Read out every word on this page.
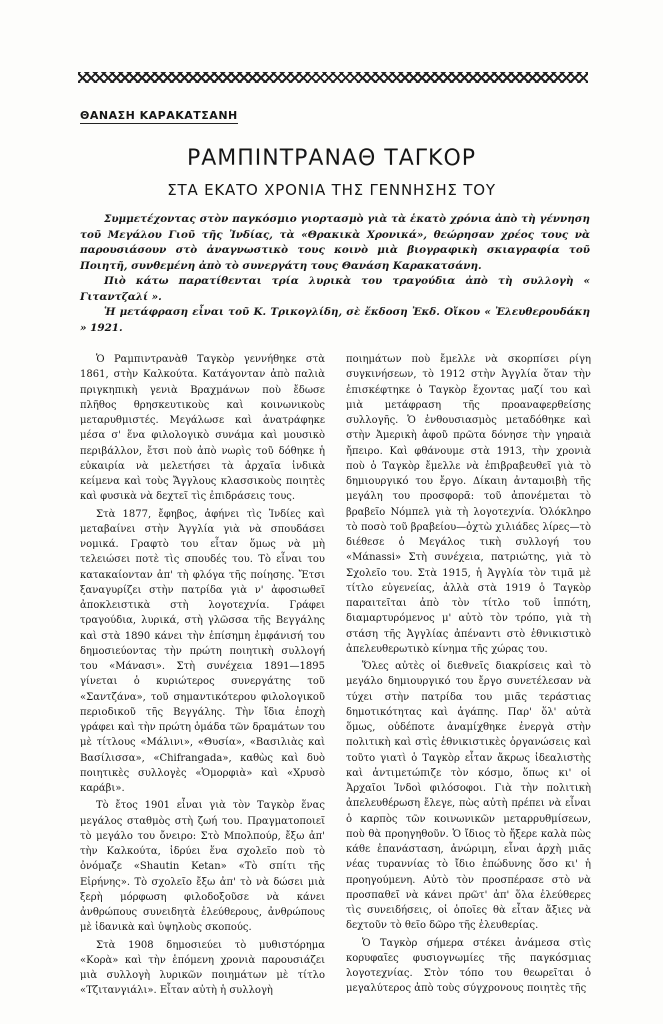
ΘΑΝΑΣΗ ΚΑΡΑΚΑΤΣΑΝΗ
ΡΑΜΠΙΝΤΡΑΝΑΘ ΤΑΓΚΟΡ
ΣΤΑ ΕΚΑΤΟ ΧΡΟΝΙΑ ΤΗΣ ΓΕΝΝΗΣΗΣ ΤΟΥ

Συμμετέχοντας στὸν παγκόσμιο γιορτασμὸ γιὰ τὰ ἑκατὸ χρόνια ἀπὸ τὴ γέννηση τοῦ Μεγάλου Γιοῦ τῆς Ἰνδίας, τὰ «Θρακικὰ Χρονικά», θεώρησαν χρέος τους νὰ παρουσιάσουν στὸ ἀναγνωστικὸ τους κοινὸ μιὰ βιογραφικὴ σκιαγραφία τοῦ Ποιητῆ, συνθεμένη ἀπὸ τὸ συνεργάτη τους Θανάση Καρακατσάνη.

Πιὸ κάτω παρατίθενται τρία λυρικὰ του τραγούδια ἀπὸ τὴ συλλογὴ « Γιταντζαλί ».

Ἡ μετάφραση εἶναι τοῦ Κ. Τρικογλίδη, σὲ ἔκδοση Ἐκδ. Οἴκου « Ἐλευθερουδάκη » 1921.

Ὁ Ραμπιντρανὰθ Ταγκὸρ γεννήθηκε στὰ 1861, στὴν Καλκούτα. Κατάγονταν ἀπὸ παλιὰ πριγκηπικὴ γενιὰ Βραχμάνων ποὺ ἔδωσε πλῆθος θρησκευτικοὺς καὶ κοινωνικοὺς μεταρυθμιστές. Μεγάλωσε καὶ ἀνατράφηκε μέσα σ' ἕνα φιλολογικὸ συνάμα καὶ μουσικὸ περιβάλλον, ἔτσι ποὺ ἀπὸ νωρὶς τοῦ δόθηκε ἡ εὐκαιρία νὰ μελετήσει τὰ ἀρχαῖα ἰνδικὰ κείμενα καὶ τοὺς Ἄγγλους κλασσικοὺς ποιητὲς καὶ φυσικὰ νὰ δεχτεῖ τὶς ἐπιδράσεις τους.

Στὰ 1877, ἔφηβος, ἀφήνει τὶς Ἰνδίες καὶ μεταβαίνει στὴν Ἀγγλία γιὰ νὰ σπουδάσει νομικά. Γραφτὸ του εἶταν ὅμως νὰ μὴ τελειώσει ποτὲ τὶς σπουδές του. Τὸ εἶναι του κατακαίονταν ἀπ' τὴ φλόγα τῆς ποίησης. Ἔτσι ξαναγυρίζει στὴν πατρίδα γιὰ ν' ἀφοσιωθεῖ ἀποκλειστικὰ στὴ λογοτεχνία. Γράφει τραγούδια, λυρικά, στὴ γλῶσσα τῆς Βεγγάλης καὶ στὰ 1890 κάνει τὴν ἐπίσημη ἐμφάνισή του δημοσιεύοντας τὴν πρώτη ποιητικὴ συλλογή του «Μάνασι». Στὴ συνέχεια 1891—1895 γίνεται ὁ κυριώτερος συνεργάτης τοῦ «Σαντζάνα», τοῦ σημαντικότερου φιλολογικοῦ περιοδικοῦ τῆς Βεγγάλης. Τὴν ἴδια ἐποχὴ γράφει καὶ τὴν πρώτη ὁμάδα τῶν δραμάτων του μὲ τίτλους «Μάλινι», «Θυσία», «Βασιλιὰς καὶ Βασίλισσα», «Chifrangada», καθὼς καὶ δυὸ ποιητικὲς συλλογὲς «Ὁμορφιὰ» καὶ «Χρυσὸ καράβι».

Τὸ ἔτος 1901 εἶναι γιὰ τὸν Ταγκὸρ ἕνας μεγάλος σταθμὸς στὴ ζωή του. Πραγματοποιεῖ τὸ μεγάλο του ὄνειρο: Στὸ Μπολπούρ, ἔξω ἀπ' τὴν Καλκούτα, ἱδρύει ἕνα σχολεῖο ποὺ τὸ ὀνόμαζε «Shautin Ketan» «Τὸ σπίτι τῆς Εἰρήνης». Τὸ σχολεῖο ἔξω ἀπ' τὸ νὰ δώσει μιὰ ξερὴ μόρφωση φιλοδοξοῦσε νὰ κάνει ἀνθρώπους συνειδητὰ ἐλεύθερους, ἀνθρώπους μὲ ἰδανικὰ καὶ ὑψηλοὺς σκοπούς.

Στὰ 1908 δημοσιεύει τὸ μυθιστόρημα «Κορὰ» καὶ τὴν ἑπόμενη χρονιὰ παρουσιάζει μιὰ συλλογὴ λυρικῶν ποιημάτων μὲ τίτλο «Τζιτανγιάλι». Εἶταν αὐτὴ ἡ συλλογὴ

ποιημάτων ποὺ ἔμελλε νὰ σκορπίσει ρίγη συγκινήσεων, τὸ 1912 στὴν Ἀγγλία ὅταν τὴν ἐπισκέφτηκε ὁ Ταγκὸρ ἔχοντας μαζί του καὶ μιὰ μετάφραση τῆς προαναφερθείσης συλλογῆς. Ὁ ἐνθουσιασμὸς μεταδόθηκε καὶ στὴν Ἀμερικὴ ἀφοῦ πρῶτα δόνησε τὴν γηραιὰ ἤπειρο. Καὶ φθάνουμε στὰ 1913, τὴν χρονιὰ ποὺ ὁ Ταγκὸρ ἔμελλε νὰ ἐπιβραβευθεῖ γιὰ τὸ δημιουργικό του ἔργο. Δίκαιη ἀνταμοιβὴ τῆς μεγάλη του προσφορᾶ: τοῦ ἀπονέμεται τὸ βραβεῖο Νόμπελ γιὰ τὴ λογοτεχνία. Ὁλόκληρο τὸ ποσὸ τοῦ βραβείου—ὀχτὼ χιλιάδες λίρες—τὸ διέθεσε ὁ Μεγάλος τικὴ συλλογή του «Μάnassi» Στὴ συνέχεια, πατριώτης, γιὰ τὸ Σχολεῖο του. Στὰ 1915, ἡ Ἀγγλία τὸν τιμᾶ μὲ τίτλο εὐγενείας, ἀλλὰ στὰ 1919 ὁ Ταγκὸρ παραιτεῖται ἀπὸ τὸν τίτλο τοῦ ἱππότη, διαμαρτυρόμενος μ' αὐτὸ τὸν τρόπο, γιὰ τὴ στάση τῆς Ἀγγλίας ἀπέναντι στὸ ἐθνικιστικὸ ἀπελευθερωτικὸ κίνημα τῆς χώρας του.

Ὅλες αὐτὲς οἱ διεθνεῖς διακρίσεις καὶ τὸ μεγάλο δημιουργικό του ἔργο συνετέλεσαν νὰ τύχει στὴν πατρίδα του μιᾶς τεράστιας δημοτικότητας καὶ ἀγάπης. Παρ' ὅλ' αὐτὰ ὅμως, οὐδέποτε ἀναμίχθηκε ἐνεργὰ στὴν πολιτικὴ καὶ στὶς ἐθνικιστικὲς ὀργανώσεις καὶ τοῦτο γιατὶ ὁ Ταγκὸρ εἶταν ἄκρως ἰδεαλιστὴς καὶ ἀντιμετώπιζε τὸν κόσμο, ὅπως κι' οἱ Ἀρχαῖοι Ἰνδοὶ φιλόσοφοι. Γιὰ τὴν πολιτικὴ ἀπελευθέρωση ἔλεγε, πὼς αὐτὴ πρέπει νὰ εἶναι ὁ καρπὸς τῶν κοινωνικῶν μεταρρυθμίσεων, ποὺ θὰ προηγηθοῦν. Ὁ ἴδιος τὸ ἤξερε καλὰ πὼς κάθε ἐπανάσταση, ἀνώριμη, εἶναι ἀρχὴ μιᾶς νέας τυραννίας τὸ ἴδιο ἐπώδυνης ὅσο κι' ἡ προηγούμενη. Αὐτὸ τὸν προσπέρασε στὸ νὰ προσπαθεῖ νὰ κάνει πρῶτ' ἀπ' ὅλα ἐλεύθερες τὶς συνειδήσεις, οἱ ὁποῖες θὰ εἶταν ἄξιες νὰ δεχτοῦν τὸ θεῖο δῶρο τῆς ἐλευθερίας.

Ὁ Ταγκὸρ σήμερα στέκει ἀνάμεσα στὶς κορυφαῖες φυσιογνωμίες τῆς παγκόσμιας λογοτεχνίας. Στὸν τόπο του θεωρεῖται ὁ μεγαλύτερος ἀπὸ τοὺς σύγχρονους ποιητὲς τῆς
